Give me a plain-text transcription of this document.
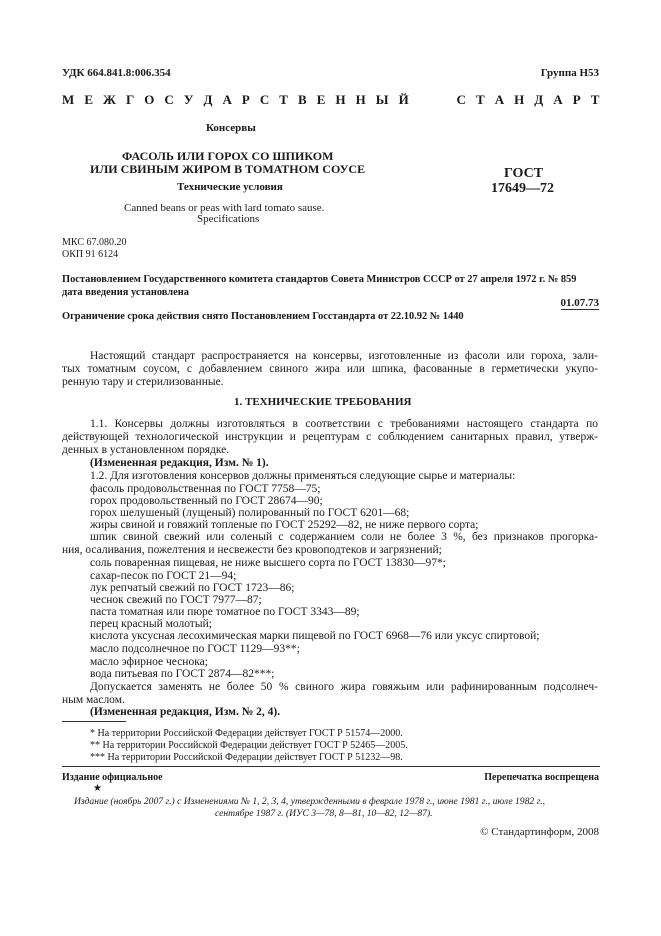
УДК 664.841.8:006.354	Группа Н53
М Е Ж Г О С У Д А Р С Т В Е Н Н Ы Й     С Т А Н Д А Р Т
Консервы
ФАСОЛЬ ИЛИ ГОРОХ СО ШПИКОМ
ИЛИ СВИНЫМ ЖИРОМ В ТОМАТНОМ СОУСЕ
Технические условия
Canned beans or peas with lard tomato sause.
Specifications
ГОСТ
17649—72
МКС 67.080.20
ОКП 91 6124
Постановлением Государственного комитета стандартов Совета Министров СССР от 27 апреля 1972 г. № 859
дата введения установлена
01.07.73
Ограничение срока действия снято Постановлением Госстандарта от 22.10.92 № 1440
Настоящий стандарт распространяется на консервы, изготовленные из фасоли или гороха, зали-
тых томатным соусом, с добавлением свиного жира или шпика, фасованные в герметически укупо-
ренную тару и стерилизованные.
1. ТЕХНИЧЕСКИЕ ТРЕБОВАНИЯ
1.1. Консервы должны изготовляться в соответствии с требованиями настоящего стандарта по
действующей технологической инструкции и рецептурам с соблюдением санитарных правил, утверж-
денных в установленном порядке.
(Измененная редакция, Изм. № 1).
1.2. Для изготовления консервов должны применяться следующие сырье и материалы:
фасоль продовольственная по ГОСТ 7758—75;
горох продовольственный по ГОСТ 28674—90;
горох шелушеный (лущеный) полированный по ГОСТ 6201—68;
жиры свиной и говяжий топленые по ГОСТ 25292—82, не ниже первого сорта;
шпик свиной свежий или соленый с содержанием соли не более 3 %, без признаков прогорка-
ния, осаливания, пожелтения и несвежести без кровоподтеков и загрязнений;
соль поваренная пищевая, не ниже высшего сорта по ГОСТ 13830—97*;
сахар-песок по ГОСТ 21—94;
лук репчатый свежий по ГОСТ 1723—86;
чеснок свежий по ГОСТ 7977—87;
паста томатная или пюре томатное по ГОСТ 3343—89;
перец красный молотый;
кислота уксусная лесохимическая марки пищевой по ГОСТ 6968—76 или уксус спиртовой;
масло подсолнечное по ГОСТ 1129—93**;
масло эфирное чеснока;
вода питьевая по ГОСТ 2874—82***;
Допускается заменять не более 50 % свиного жира говяжьим или рафинированным подсолнеч-
ным маслом.
(Измененная редакция, Изм. № 2, 4).
* На территории Российской Федерации действует ГОСТ Р 51574—2000.
** На территории Российской Федерации действует ГОСТ Р 52465—2005.
*** На территории Российской Федерации действует ГОСТ Р 51232—98.
Издание официальное	Перепечатка воспрещена
★
Издание (ноябрь 2007 г.) с Изменениями № 1, 2, 3, 4, утвержденными в феврале 1978 г., июне 1981 г., июле 1982 г.,
сентябре 1987 г. (ИУС 3—78, 8—81, 10—82, 12—87).
© Стандартинформ, 2008
